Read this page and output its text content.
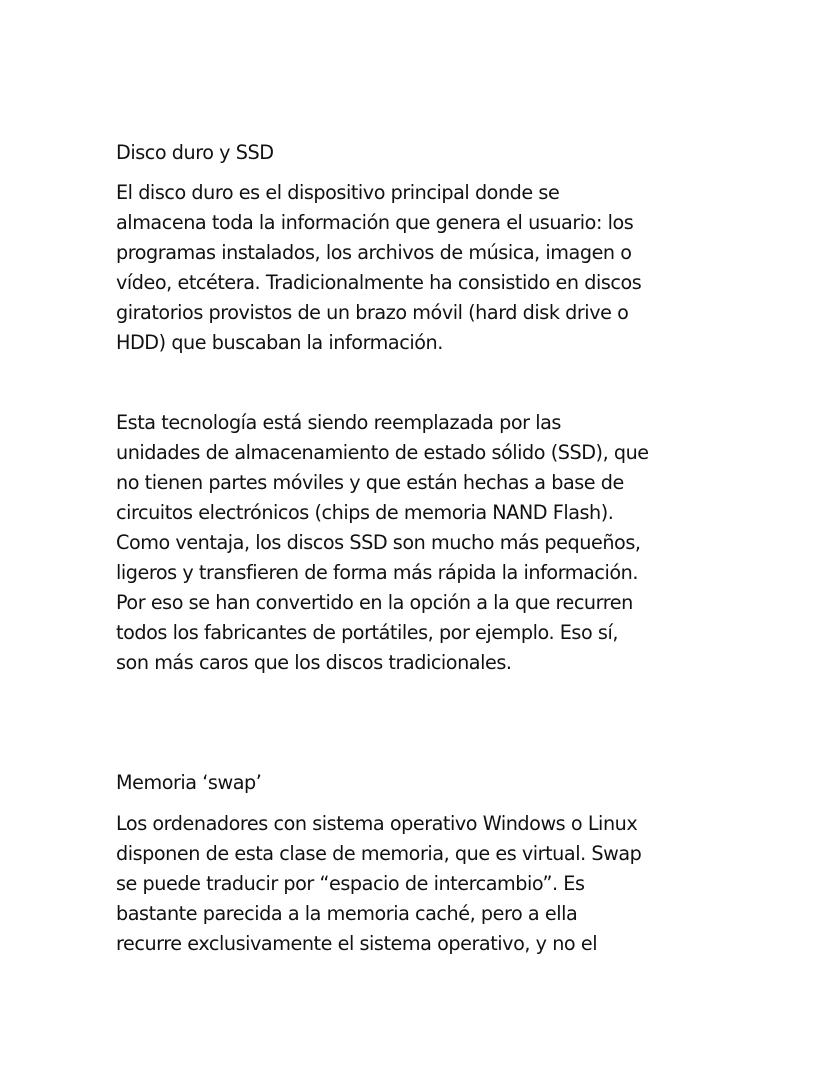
Disco duro y SSD
El disco duro es el dispositivo principal donde se
almacena toda la información que genera el usuario: los
programas instalados, los archivos de música, imagen o
vídeo, etcétera. Tradicionalmente ha consistido en discos
giratorios provistos de un brazo móvil (hard disk drive o
HDD) que buscaban la información.
Esta tecnología está siendo reemplazada por las
unidades de almacenamiento de estado sólido (SSD), que
no tienen partes móviles y que están hechas a base de
circuitos electrónicos (chips de memoria NAND Flash).
Como ventaja, los discos SSD son mucho más pequeños,
ligeros y transfieren de forma más rápida la información.
Por eso se han convertido en la opción a la que recurren
todos los fabricantes de portátiles, por ejemplo. Eso sí,
son más caros que los discos tradicionales.
Memoria ‘swap’
Los ordenadores con sistema operativo Windows o Linux
disponen de esta clase de memoria, que es virtual. Swap
se puede traducir por “espacio de intercambio”. Es
bastante parecida a la memoria caché, pero a ella
recurre exclusivamente el sistema operativo, y no el
